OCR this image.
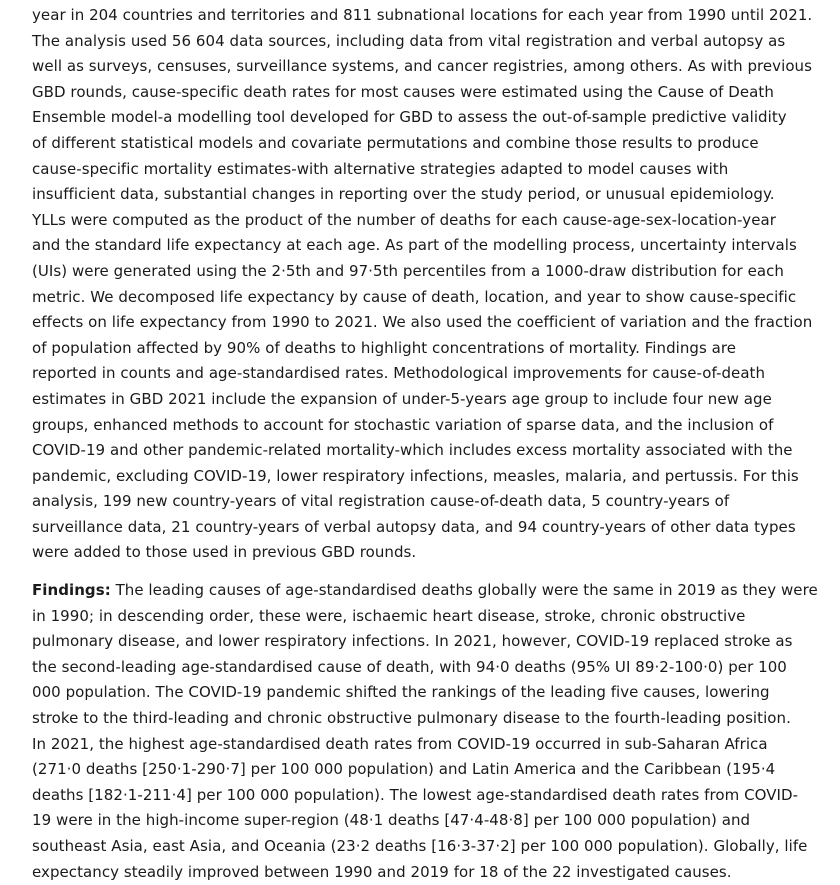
year in 204 countries and territories and 811 subnational locations for each year from 1990 until 2021.
The analysis used 56 604 data sources, including data from vital registration and verbal autopsy as
well as surveys, censuses, surveillance systems, and cancer registries, among others. As with previous
GBD rounds, cause-specific death rates for most causes were estimated using the Cause of Death
Ensemble model-a modelling tool developed for GBD to assess the out-of-sample predictive validity
of different statistical models and covariate permutations and combine those results to produce
cause-specific mortality estimates-with alternative strategies adapted to model causes with
insufficient data, substantial changes in reporting over the study period, or unusual epidemiology.
YLLs were computed as the product of the number of deaths for each cause-age-sex-location-year
and the standard life expectancy at each age. As part of the modelling process, uncertainty intervals
(UIs) were generated using the 2·5th and 97·5th percentiles from a 1000-draw distribution for each
metric. We decomposed life expectancy by cause of death, location, and year to show cause-specific
effects on life expectancy from 1990 to 2021. We also used the coefficient of variation and the fraction
of population affected by 90% of deaths to highlight concentrations of mortality. Findings are
reported in counts and age-standardised rates. Methodological improvements for cause-of-death
estimates in GBD 2021 include the expansion of under-5-years age group to include four new age
groups, enhanced methods to account for stochastic variation of sparse data, and the inclusion of
COVID-19 and other pandemic-related mortality-which includes excess mortality associated with the
pandemic, excluding COVID-19, lower respiratory infections, measles, malaria, and pertussis. For this
analysis, 199 new country-years of vital registration cause-of-death data, 5 country-years of
surveillance data, 21 country-years of verbal autopsy data, and 94 country-years of other data types
were added to those used in previous GBD rounds.
Findings: The leading causes of age-standardised deaths globally were the same in 2019 as they were
in 1990; in descending order, these were, ischaemic heart disease, stroke, chronic obstructive
pulmonary disease, and lower respiratory infections. In 2021, however, COVID-19 replaced stroke as
the second-leading age-standardised cause of death, with 94·0 deaths (95% UI 89·2-100·0) per 100
000 population. The COVID-19 pandemic shifted the rankings of the leading five causes, lowering
stroke to the third-leading and chronic obstructive pulmonary disease to the fourth-leading position.
In 2021, the highest age-standardised death rates from COVID-19 occurred in sub-Saharan Africa
(271·0 deaths [250·1-290·7] per 100 000 population) and Latin America and the Caribbean (195·4
deaths [182·1-211·4] per 100 000 population). The lowest age-standardised death rates from COVID-
19 were in the high-income super-region (48·1 deaths [47·4-48·8] per 100 000 population) and
southeast Asia, east Asia, and Oceania (23·2 deaths [16·3-37·2] per 100 000 population). Globally, life
expectancy steadily improved between 1990 and 2019 for 18 of the 22 investigated causes.
